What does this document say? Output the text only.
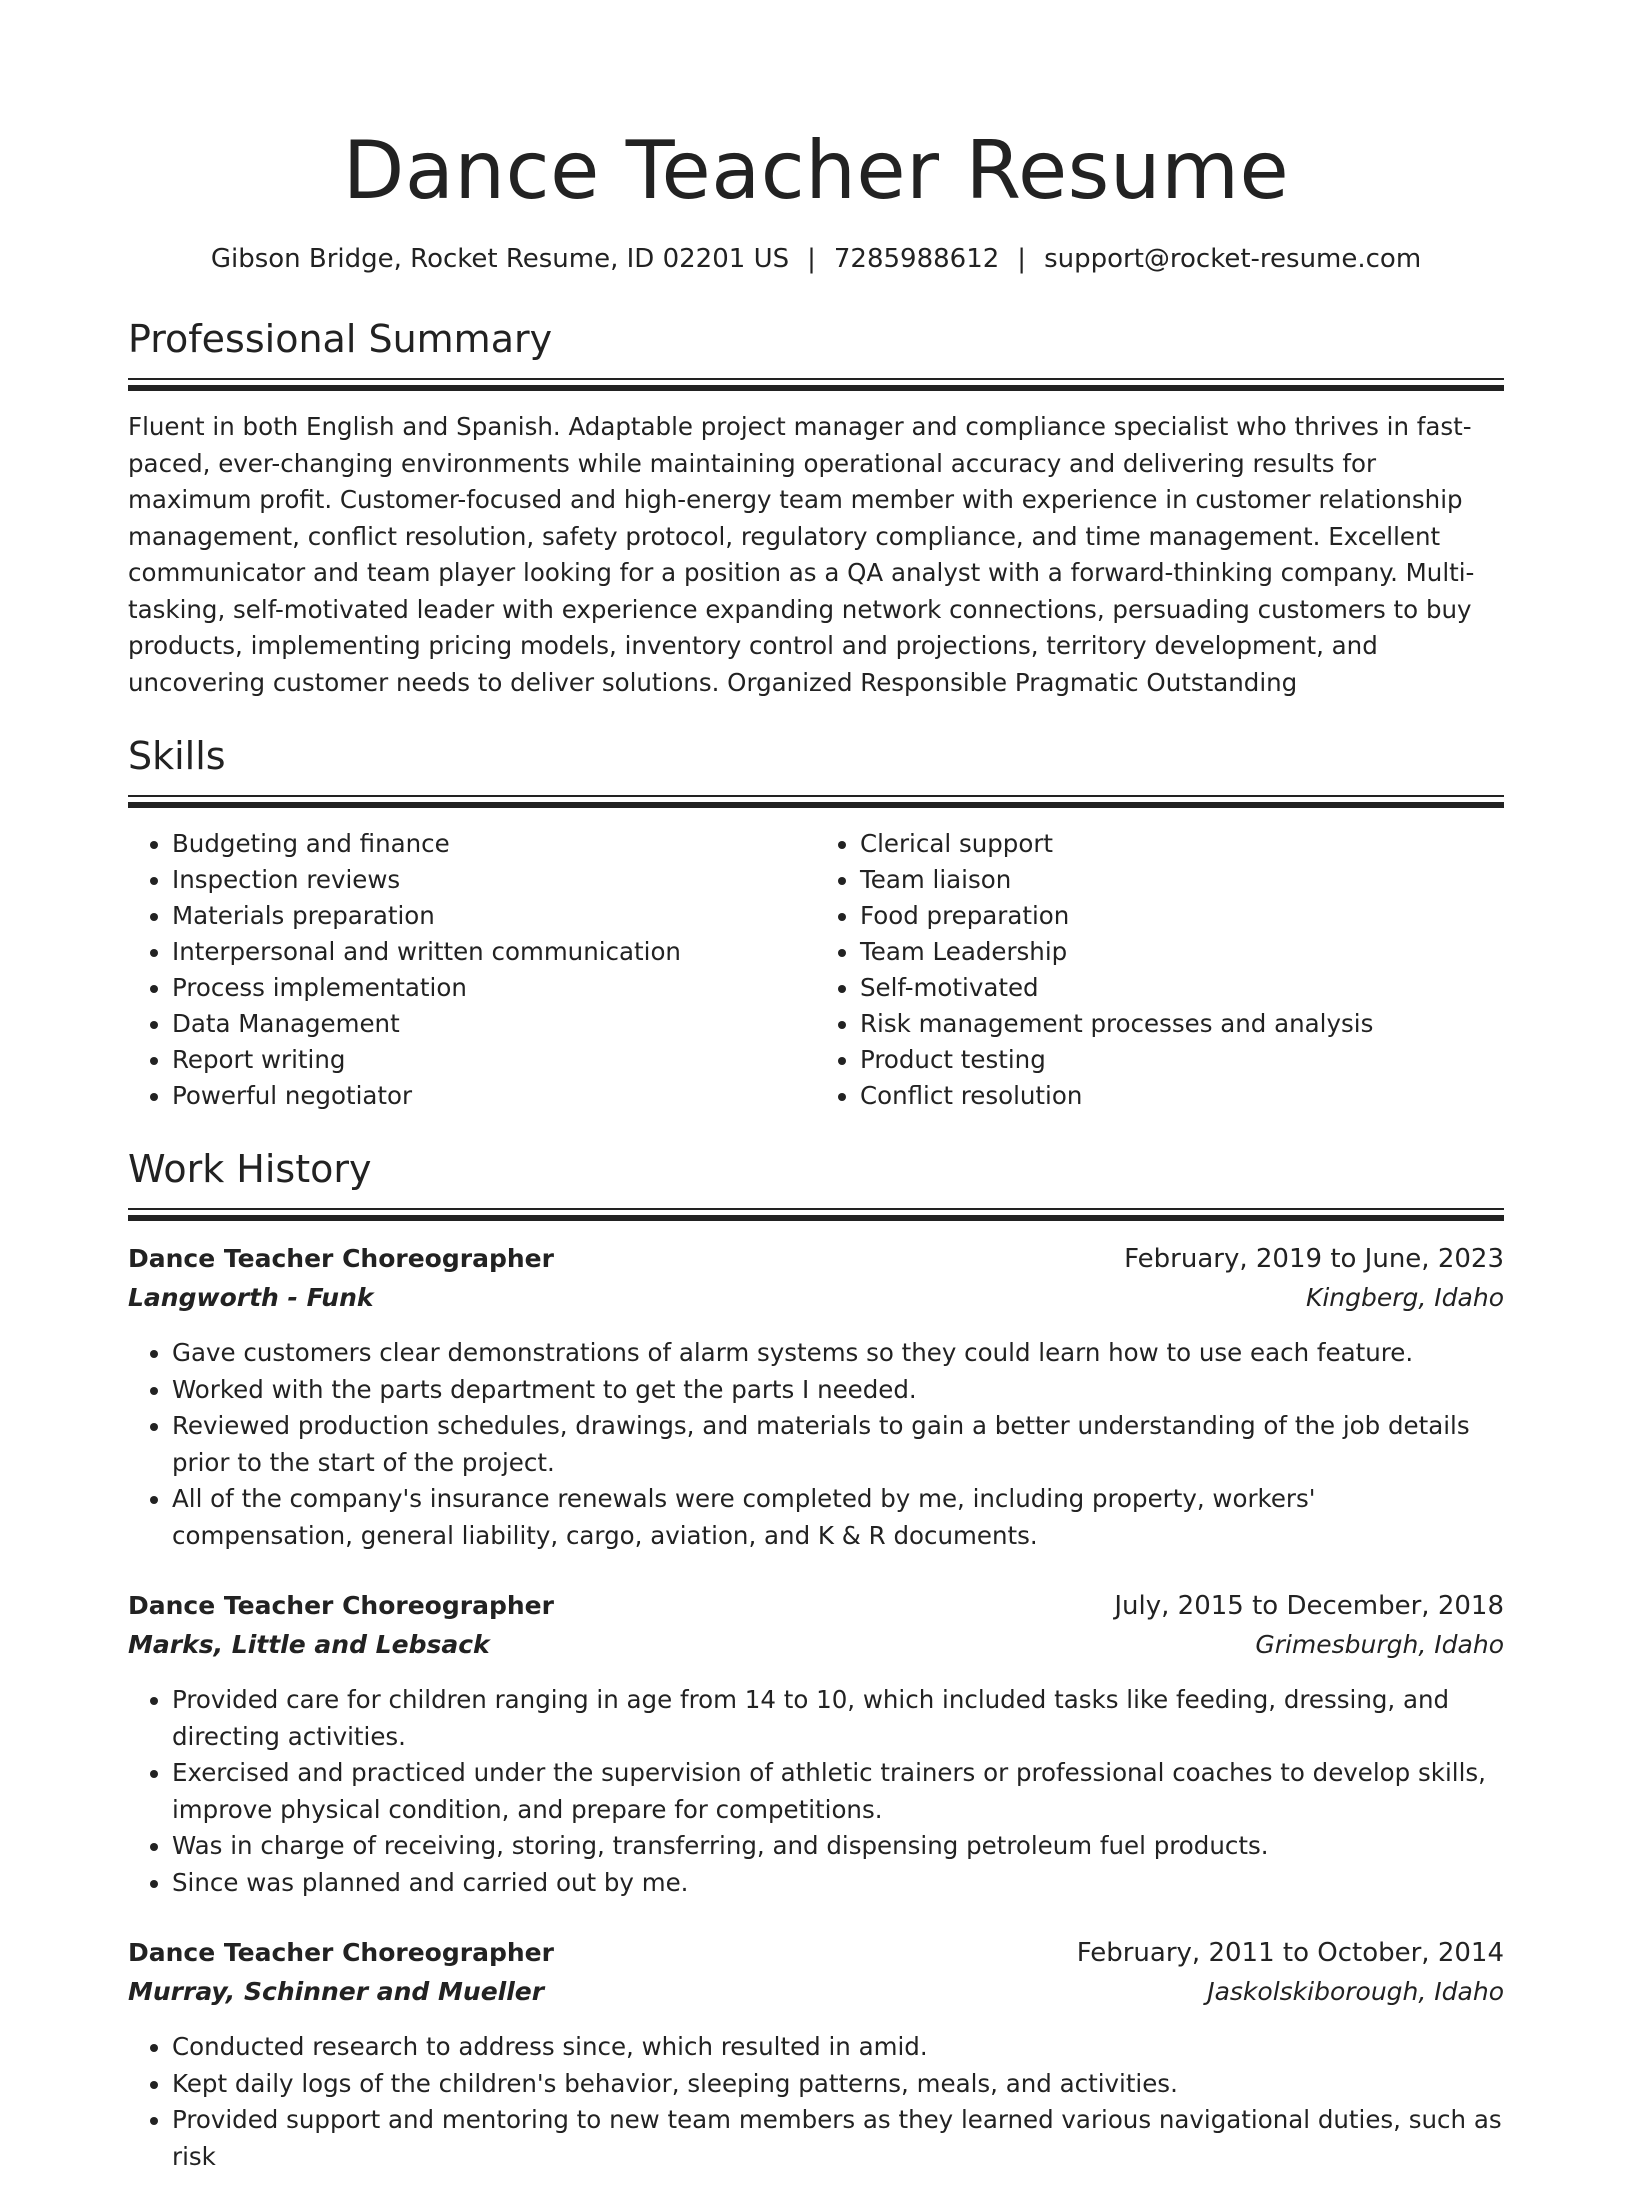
Dance Teacher Resume
Gibson Bridge, Rocket Resume, ID 02201 US | 7285988612 | support@rocket-resume.com
Professional Summary

Fluent in both English and Spanish. Adaptable project manager and compliance specialist who thrives in fast-paced, ever-changing environments while maintaining operational accuracy and delivering results for maximum profit. Customer-focused and high-energy team member with experience in customer relationship management, conflict resolution, safety protocol, regulatory compliance, and time management. Excellent communicator and team player looking for a position as a QA analyst with a forward-thinking company. Multi-tasking, self-motivated leader with experience expanding network connections, persuading customers to buy products, implementing pricing models, inventory control and projections, territory development, and uncovering customer needs to deliver solutions. Organized Responsible Pragmatic Outstanding

Skills
• Budgeting and finance
• Inspection reviews
• Materials preparation
• Interpersonal and written communication
• Process implementation
• Data Management
• Report writing
• Powerful negotiator
• Clerical support
• Team liaison
• Food preparation
• Team Leadership
• Self-motivated
• Risk management processes and analysis
• Product testing
• Conflict resolution
Work History
Dance Teacher Choreographer	February, 2019 to June, 2023
Langworth - Funk	Kingberg, Idaho
• Gave customers clear demonstrations of alarm systems so they could learn how to use each feature.
• Worked with the parts department to get the parts I needed.
• Reviewed production schedules, drawings, and materials to gain a better understanding of the job details prior to the start of the project.
• All of the company's insurance renewals were completed by me, including property, workers' compensation, general liability, cargo, aviation, and K & R documents.
Dance Teacher Choreographer	July, 2015 to December, 2018
Marks, Little and Lebsack	Grimesburgh, Idaho
• Provided care for children ranging in age from 14 to 10, which included tasks like feeding, dressing, and directing activities.
• Exercised and practiced under the supervision of athletic trainers or professional coaches to develop skills, improve physical condition, and prepare for competitions.
• Was in charge of receiving, storing, transferring, and dispensing petroleum fuel products.
• Since was planned and carried out by me.
Dance Teacher Choreographer	February, 2011 to October, 2014
Murray, Schinner and Mueller	Jaskolskiborough, Idaho
• Conducted research to address since, which resulted in amid.
• Kept daily logs of the children's behavior, sleeping patterns, meals, and activities.
• Provided support and mentoring to new team members as they learned various navigational duties, such as risk
